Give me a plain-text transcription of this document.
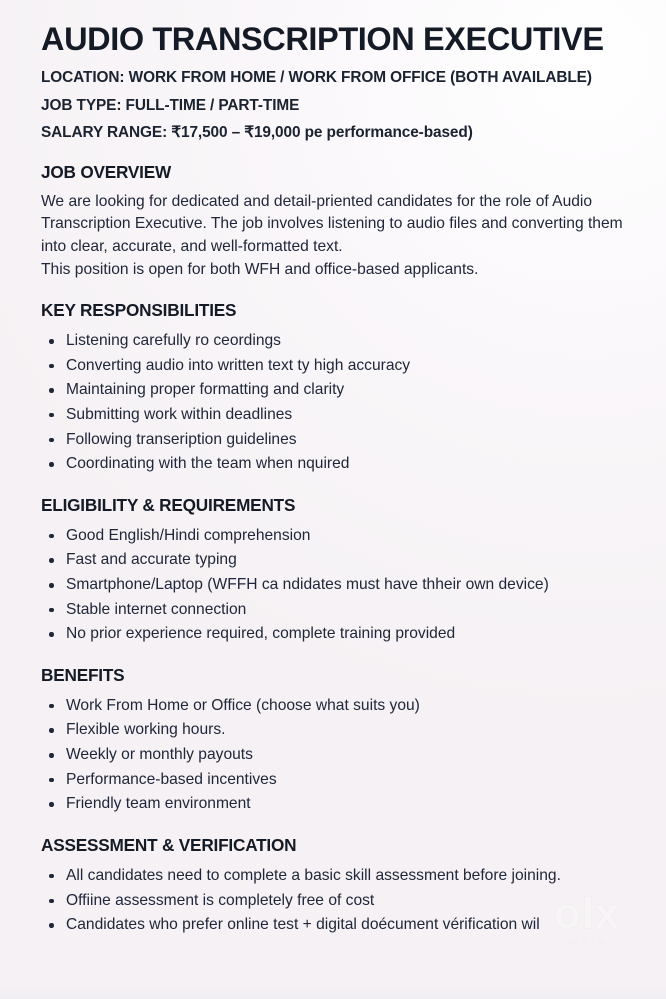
AUDIO TRANSCRIPTION EXECUTIVE

LOCATION: WORK FROM HOME / WORK FROM OFFICE (BOTH AVAILABLE)

JOB TYPE: FULL-TIME / PART-TIME

SALARY RANGE: ₹17,500 – ₹19,000 pe performance-based)

JOB OVERVIEW

We are looking for dedicated and detail-priented candidates for the role of Audio Transcription Executive. The job involves listening to audio files and converting them into clear, accurate, and well-formatted text.

This position is open for both WFH and office-based applicants.

KEY RESPONSIBILITIES
Listening carefully ro ceordings
Converting audio into written text ty high accuracy
Maintaining proper formatting and clarity
Submitting work within deadlines
Following transeription guidelines
Coordinating with the team when nquired
ELIGIBILITY & REQUIREMENTS
Good English/Hindi comprehension
Fast and accurate typing
Smartphone/Laptop (WFFH ca ndidates must have thheir own device)
Stable internet connection
No prior experience required, complete training provided
BENEFITS
Work From Home or Office (choose what suits you)
Flexible working hours.
Weekly or monthly payouts
Performance-based incentives
Friendly team environment
ASSESSMENT & VERIFICATION
All candidates need to complete a basic skill assessment before joining.
Offiine assessment is completely free of cost
Candidates who prefer online test + digital doécument vérification wil olx
INDIA
